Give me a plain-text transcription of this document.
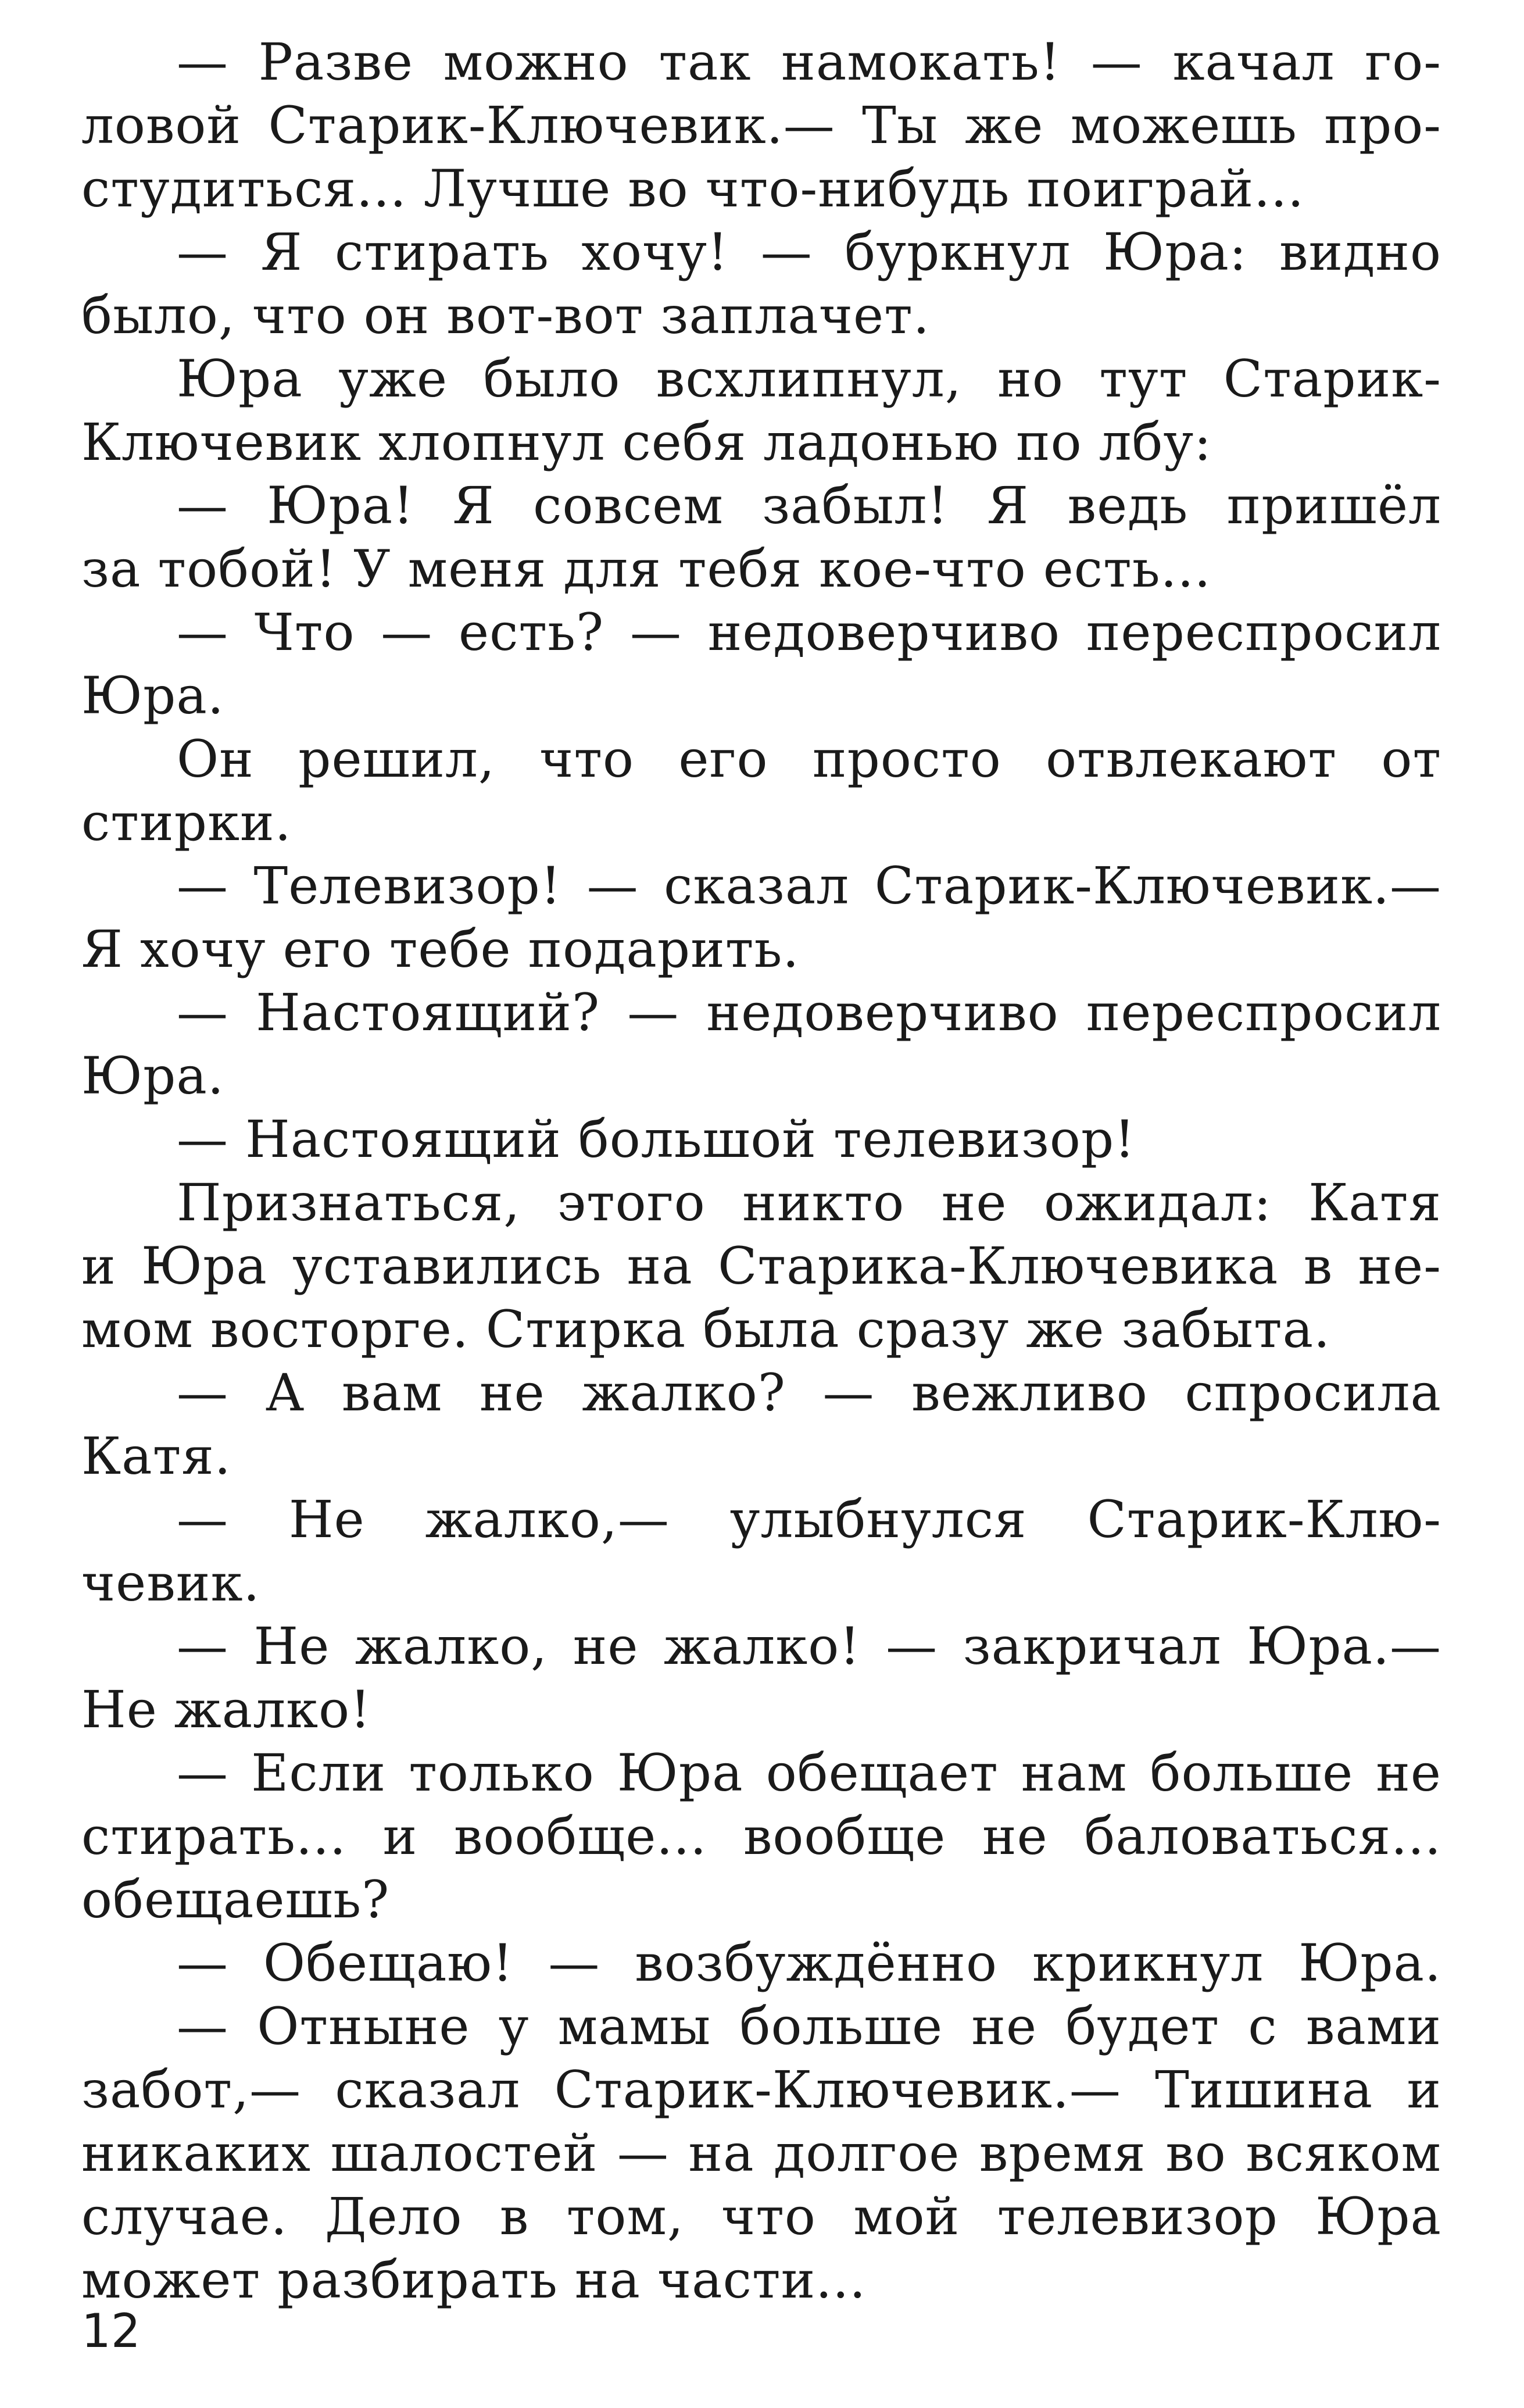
— Разве можно так намокать! — качал го-
ловой Старик-Ключевик.— Ты же можешь про-
студиться... Лучше во что-нибудь поиграй...
— Я стирать хочу! — буркнул Юра: видно
было, что он вот-вот заплачет.
Юра уже было всхлипнул, но тут Старик-
Ключевик хлопнул себя ладонью по лбу:
— Юра! Я совсем забыл! Я ведь пришёл
за тобой! У меня для тебя кое-что есть...
— Что — есть? — недоверчиво переспросил
Юра.
Он решил, что его просто отвлекают от
стирки.
— Телевизор! — сказал Старик-Ключевик.—
Я хочу его тебе подарить.
— Настоящий? — недоверчиво переспросил
Юра.
— Настоящий большой телевизор!
Признаться, этого никто не ожидал: Катя
и Юра уставились на Старика-Ключевика в не-
мом восторге. Стирка была сразу же забыта.
— А вам не жалко? — вежливо спросила
Катя.
— Не жалко,— улыбнулся Старик-Клю-
чевик.
— Не жалко, не жалко! — закричал Юра.—
Не жалко!
— Если только Юра обещает нам больше не
стирать... и вообще... вообще не баловаться...
обещаешь?
— Обещаю! — возбуждённо крикнул Юра.
— Отныне у мамы больше не будет с вами
забот,— сказал Старик-Ключевик.— Тишина и
никаких шалостей — на долгое время во всяком
случае. Дело в том, что мой телевизор Юра
может разбирать на части...
12
